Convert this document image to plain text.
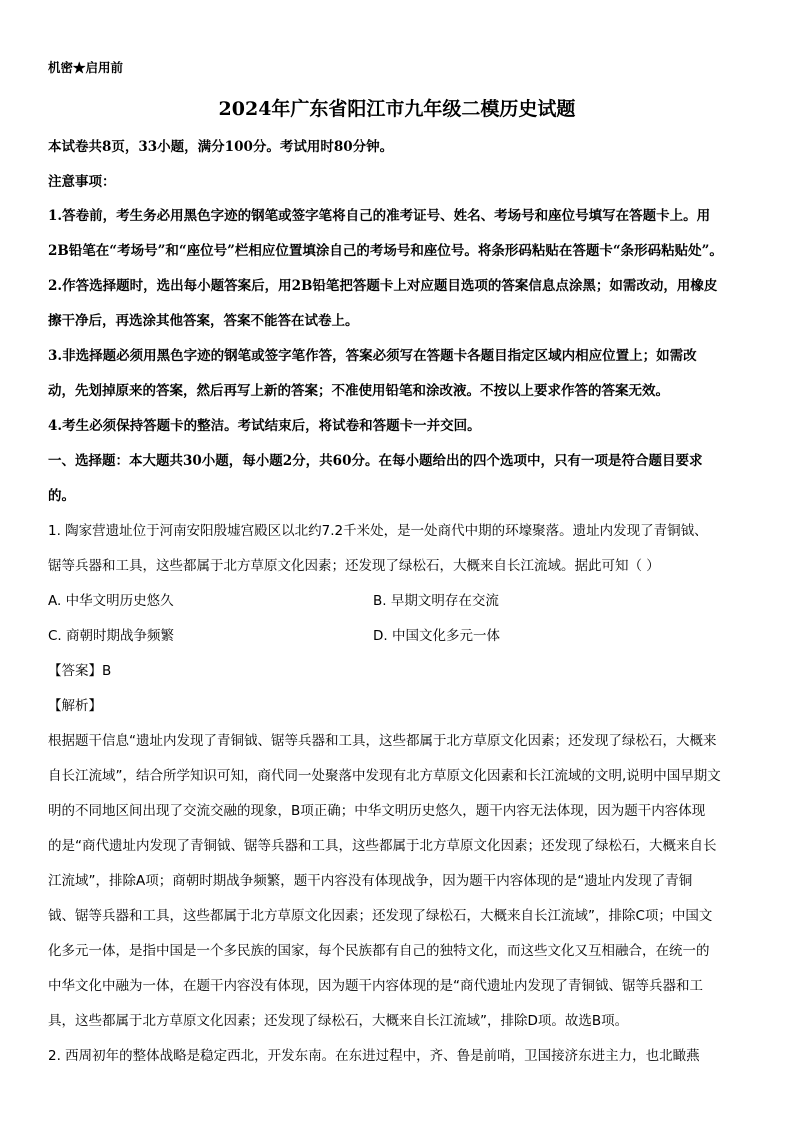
机密★启用前
2024年广东省阳江市九年级二模历史试题
本试卷共8页，33小题，满分100分。考试用时80分钟。
注意事项：
1.答卷前，考生务必用黑色字迹的钢笔或签字笔将自己的准考证号、姓名、考场号和座位号填写在答题卡上。用
2B铅笔在“考场号”和“座位号”栏相应位置填涂自己的考场号和座位号。将条形码粘贴在答题卡“条形码粘贴处”。
2.作答选择题时，选出每小题答案后，用2B铅笔把答题卡上对应题目选项的答案信息点涂黑；如需改动，用橡皮
擦干净后，再选涂其他答案，答案不能答在试卷上。
3.非选择题必须用黑色字迹的钢笔或签字笔作答，答案必须写在答题卡各题目指定区域内相应位置上；如需改
动，先划掉原来的答案，然后再写上新的答案；不准使用铅笔和涂改液。不按以上要求作答的答案无效。
4.考生必须保持答题卡的整洁。考试结束后，将试卷和答题卡一并交回。
一、选择题：本大题共30小题，每小题2分，共60分。在每小题给出的四个选项中，只有一项是符合题目要求
的。
1. 陶家营遗址位于河南安阳殷墟宫殿区以北约7.2千米处，是一处商代中期的环壕聚落。遗址内发现了青铜钺、
锯等兵器和工具，这些都属于北方草原文化因素；还发现了绿松石，大概来自长江流域。据此可知（ ）
A. 中华文明历史悠久	B. 早期文明存在交流
C. 商朝时期战争频繁	D. 中国文化多元一体
【答案】B
【解析】
根据题干信息“遗址内发现了青铜钺、锯等兵器和工具，这些都属于北方草原文化因素；还发现了绿松石，大概来
自长江流域”，结合所学知识可知，商代同一处聚落中发现有北方草原文化因素和长江流域的文明,说明中国早期文
明的不同地区间出现了交流交融的现象，B项正确；中华文明历史悠久，题干内容无法体现，因为题干内容体现
的是“商代遗址内发现了青铜钺、锯等兵器和工具，这些都属于北方草原文化因素；还发现了绿松石，大概来自长
江流域”，排除A项；商朝时期战争频繁，题干内容没有体现战争，因为题干内容体现的是“遗址内发现了青铜
钺、锯等兵器和工具，这些都属于北方草原文化因素；还发现了绿松石，大概来自长江流域”，排除C项；中国文
化多元一体，是指中国是一个多民族的国家，每个民族都有自己的独特文化，而这些文化又互相融合，在统一的
中华文化中融为一体，在题干内容没有体现，因为题干内容体现的是“商代遗址内发现了青铜钺、锯等兵器和工
具，这些都属于北方草原文化因素；还发现了绿松石，大概来自长江流域”，排除D项。故选B项。
2. 西周初年的整体战略是稳定西北，开发东南。在东进过程中，齐、鲁是前哨，卫国接济东进主力，也北瞰燕
